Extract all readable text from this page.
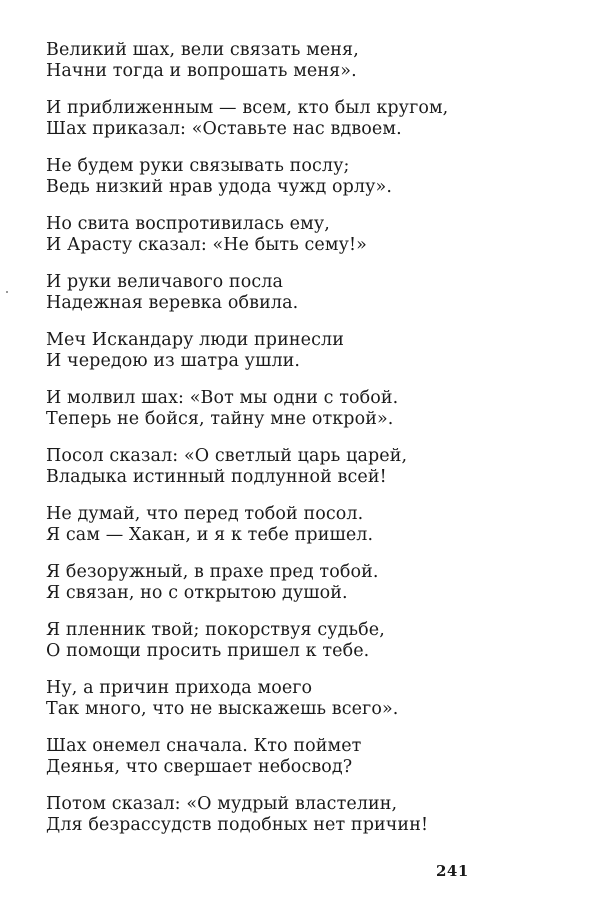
Великий шах, вели связать меня,
Начни тогда и вопрошать меня».
И приближенным — всем, кто был кругом,
Шах приказал: «Оставьте нас вдвоем.
Не будем руки связывать послу;
Ведь низкий нрав удода чужд орлу».
Но свита воспротивилась ему,
И Арасту сказал: «Не быть сему!»
И руки величавого посла
Надежная веревка обвила.
Меч Искандару люди принесли
И чередою из шатра ушли.
И молвил шах: «Вот мы одни с тобой.
Теперь не бойся, тайну мне открой».
Посол сказал: «О светлый царь царей,
Владыка истинный подлунной всей!
Не думай, что перед тобой посол.
Я сам — Хакан, и я к тебе пришел.
Я безоружный, в прахе пред тобой.
Я связан, но с открытою душой.
Я пленник твой; покорствуя судьбе,
О помощи просить пришел к тебе.
Ну, а причин прихода моего
Так много, что не выскажешь всего».
Шах онемел сначала. Кто поймет
Деянья, что свершает небосвод?
Потом сказал: «О мудрый властелин,
Для безрассудств подобных нет причин!
241
